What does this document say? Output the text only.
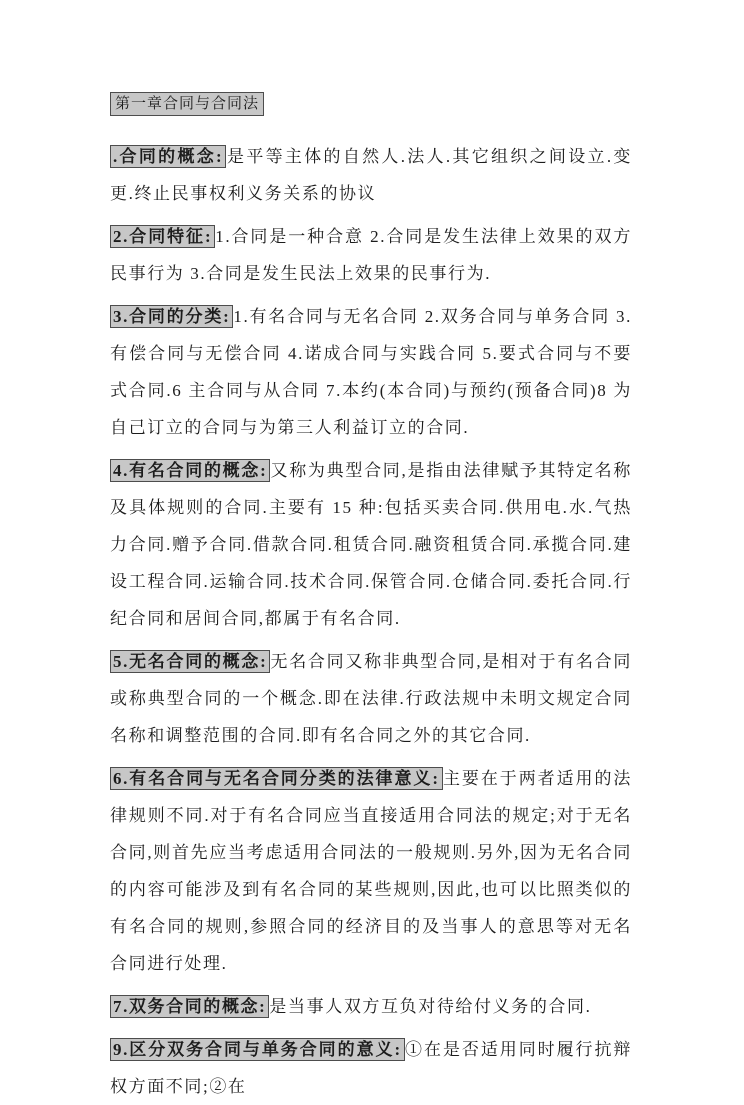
第一章合同与合同法

.合同的概念: 是平等主体的自然人.法人.其它组织之间设立.变更.终止民事权利义务关系的协议

2.合同特征: 1.合同是一种合意 2.合同是发生法律上效果的双方民事行为 3.合同是发生民法上效果的民事行为.

3.合同的分类: 1.有名合同与无名合同 2.双务合同与单务合同 3.有偿合同与无偿合同 4.诺成合同与实践合同 5.要式合同与不要式合同.6 主合同与从合同 7.本约(本合同)与预约(预备合同)8 为自己订立的合同与为第三人利益订立的合同.

4.有名合同的概念: 又称为典型合同,是指由法律赋予其特定名称及具体规则的合同.主要有 15 种:包括买卖合同.供用电.水.气热力合同.赠予合同.借款合同.租赁合同.融资租赁合同.承揽合同.建设工程合同.运输合同.技术合同.保管合同.仓储合同.委托合同.行纪合同和居间合同,都属于有名合同.

5.无名合同的概念: 无名合同又称非典型合同,是相对于有名合同或称典型合同的一个概念.即在法律.行政法规中未明文规定合同名称和调整范围的合同.即有名合同之外的其它合同.

6.有名合同与无名合同分类的法律意义: 主要在于两者适用的法律规则不同.对于有名合同应当直接适用合同法的规定;对于无名合同,则首先应当考虑适用合同法的一般规则.另外,因为无名合同的内容可能涉及到有名合同的某些规则,因此,也可以比照类似的有名合同的规则,参照合同的经济目的及当事人的意思等对无名合同进行处理.

7.双务合同的概念: 是当事人双方互负对待给付义务的合同.

9.区分双务合同与单务合同的意义: ①在是否适用同时履行抗辩权方面不同;②在
